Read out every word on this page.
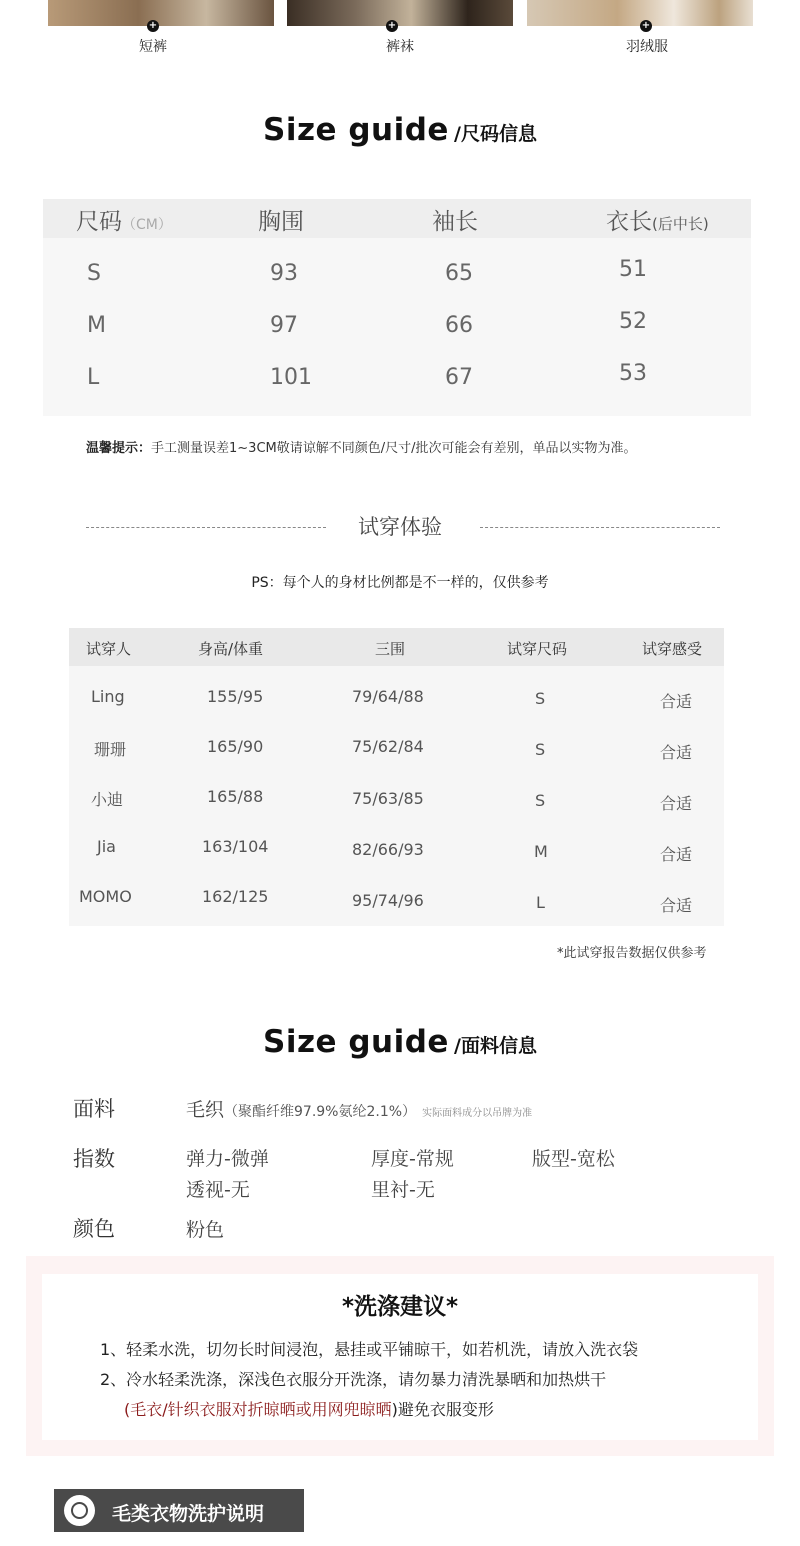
+	+	+
短裤	裤袜	羽绒服
Size guide /尺码信息
尺码（CM）	胸围	袖长	衣长(后中长)
S	93	65	51
M	97	66	52
L	101	67	53
温馨提示：手工测量误差1~3CM敬请谅解不同颜色/尺寸/批次可能会有差别，单品以实物为准。
试穿体验
PS：每个人的身材比例都是不一样的，仅供参考
试穿人	身高/体重	三围	试穿尺码	试穿感受
Ling	155/95	79/64/88	S	合适
珊珊	165/90	75/62/84	S	合适
小迪	165/88	75/63/85	S	合适
Jia	163/104	82/66/93	M	合适
MOMO	162/125	95/74/96	L	合适
*此试穿报告数据仅供参考
Size guide /面料信息
面料	毛织（聚酯纤维97.9%氨纶2.1%） 实际面料成分以吊牌为准
指数	弹力-微弹	厚度-常规	版型-宽松
透视-无	里衬-无
颜色	粉色
*洗涤建议*
1、轻柔水洗，切勿长时间浸泡，悬挂或平铺晾干，如若机洗，请放入洗衣袋
2、冷水轻柔洗涤，深浅色衣服分开洗涤，请勿暴力清洗暴晒和加热烘干
(毛衣/针织衣服对折晾晒或用网兜晾晒)避免衣服变形
毛类衣物洗护说明
